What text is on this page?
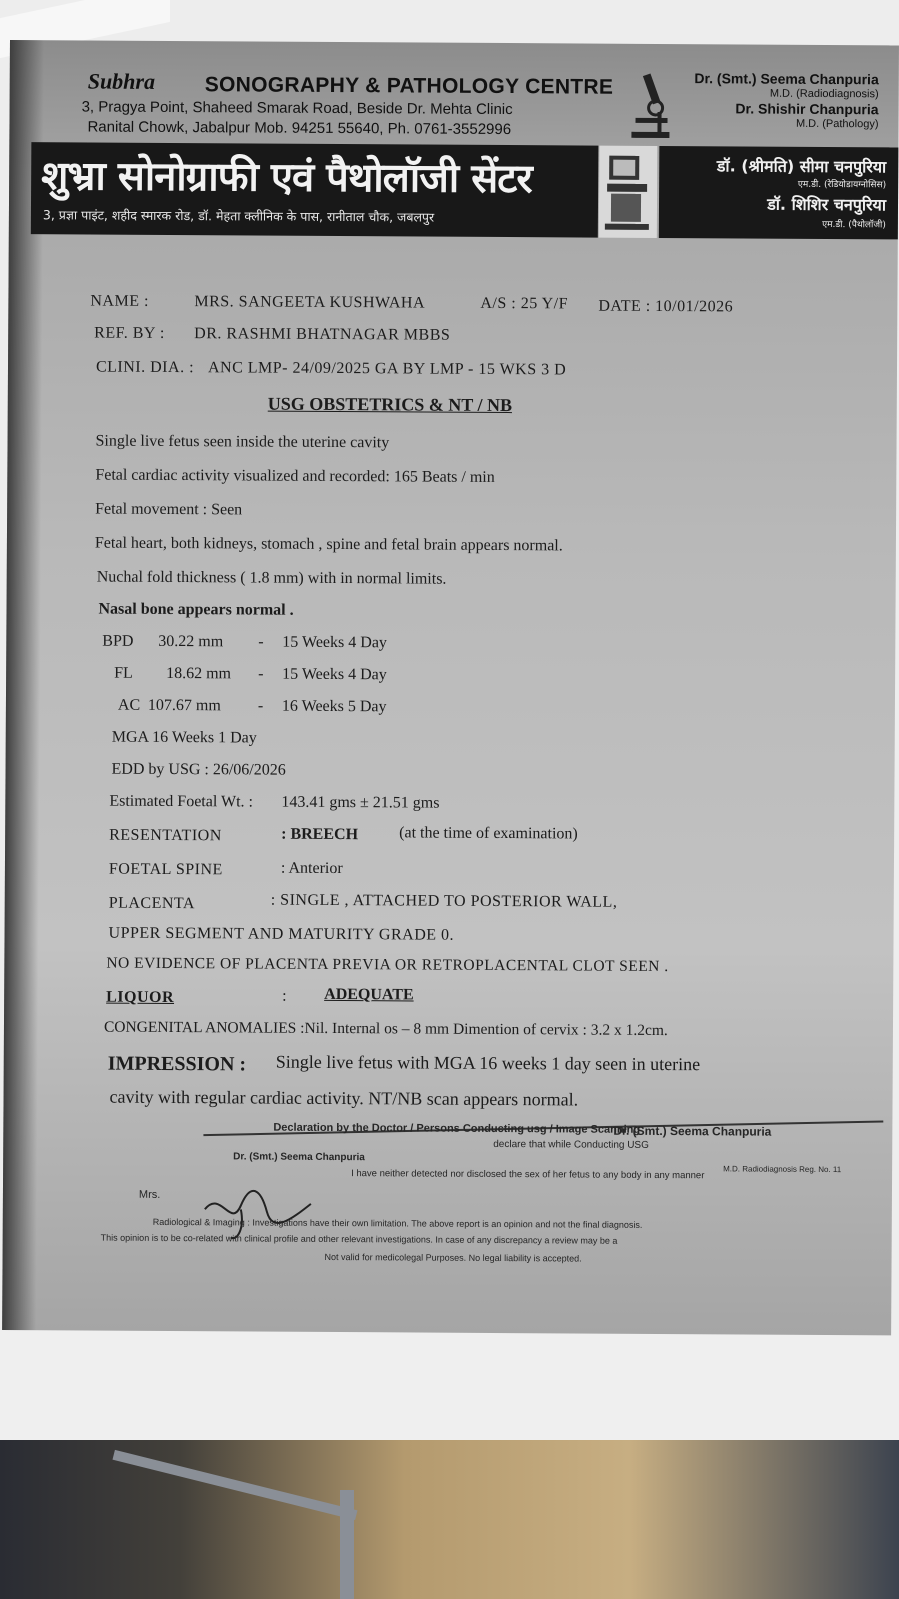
Subhra	SONOGRAPHY & PATHOLOGY CENTRE
3, Pragya Point, Shaheed Smarak Road, Beside Dr. Mehta Clinic
Ranital Chowk, Jabalpur Mob. 94251 55640, Ph. 0761-3552996
Dr. (Smt.) Seema Chanpuria
M.D. (Radiodiagnosis)
Dr. Shishir Chanpuria
M.D. (Pathology)
शुभ्रा सोनोग्राफी एवं पैथोलॉजी सेंटर
3, प्रज्ञा पाइंट, शहीद स्मारक रोड, डॉ. मेहता क्लीनिक के पास, रानीताल चौक, जबलपुर
डॉ. (श्रीमति) सीमा चनपुरिया
एम.डी. (रेडियोडायग्नोसिस)
डॉ. शिशिर चनपुरिया
एम.डी. (पैथोलॉजी)
NAME :	MRS. SANGEETA KUSHWAHA	A/S : 25 Y/F DATE : 10/01/2026
REF. BY : DR. RASHMI BHATNAGAR MBBS
CLINI. DIA. : ANC LMP- 24/09/2025 GA BY LMP - 15 WKS 3 D
USG OBSTETRICS & NT / NB
Single live fetus seen inside the uterine cavity
Fetal cardiac activity visualized and recorded: 165 Beats / min
Fetal movement : Seen
Fetal heart, both kidneys, stomach , spine and fetal brain appears normal.
Nuchal fold thickness ( 1.8 mm) with in normal limits.
Nasal bone appears normal .
BPD 30.22 mm - 15 Weeks 4 Day
FL 18.62 mm - 15 Weeks 4 Day
AC 107.67 mm - 16 Weeks 5 Day
MGA 16 Weeks 1 Day
EDD by USG : 26/06/2026
Estimated Foetal Wt. : 143.41 gms ± 21.51 gms
RESENTATION	: BREECH	(at the time of examination)
FOETAL SPINE	: Anterior
PLACENTA	: SINGLE , ATTACHED TO POSTERIOR WALL,
UPPER SEGMENT AND MATURITY GRADE 0.
NO EVIDENCE OF PLACENTA PREVIA OR RETROPLACENTAL CLOT SEEN .
LIQUOR	: ADEQUATE
CONGENITAL ANOMALIES :Nil. Internal os – 8 mm Dimention of cervix : 3.2 x 1.2cm.
IMPRESSION : Single live fetus with MGA 16 weeks 1 day seen in uterine
cavity with regular cardiac activity. NT/NB scan appears normal.
Declaration by the Doctor / Persons Conducting usg / Image Scanning
declare that while Conducting USG
Dr. (Smt.) Seema Chanpuria
M.D. Radiodiagnosis Reg. No. 11
Dr. (Smt.) Seema Chanpuria
I have neither detected nor disclosed the sex of her fetus to any body in any manner
Mrs.
Radiological & Imaging : Investigations have their own limitation. The above report is an opinion and not the final diagnosis.
This opinion is to be co-related with clinical profile and other relevant investigations. In case of any discrepancy a review may be a
Not valid for medicolegal Purposes. No legal liability is accepted.
